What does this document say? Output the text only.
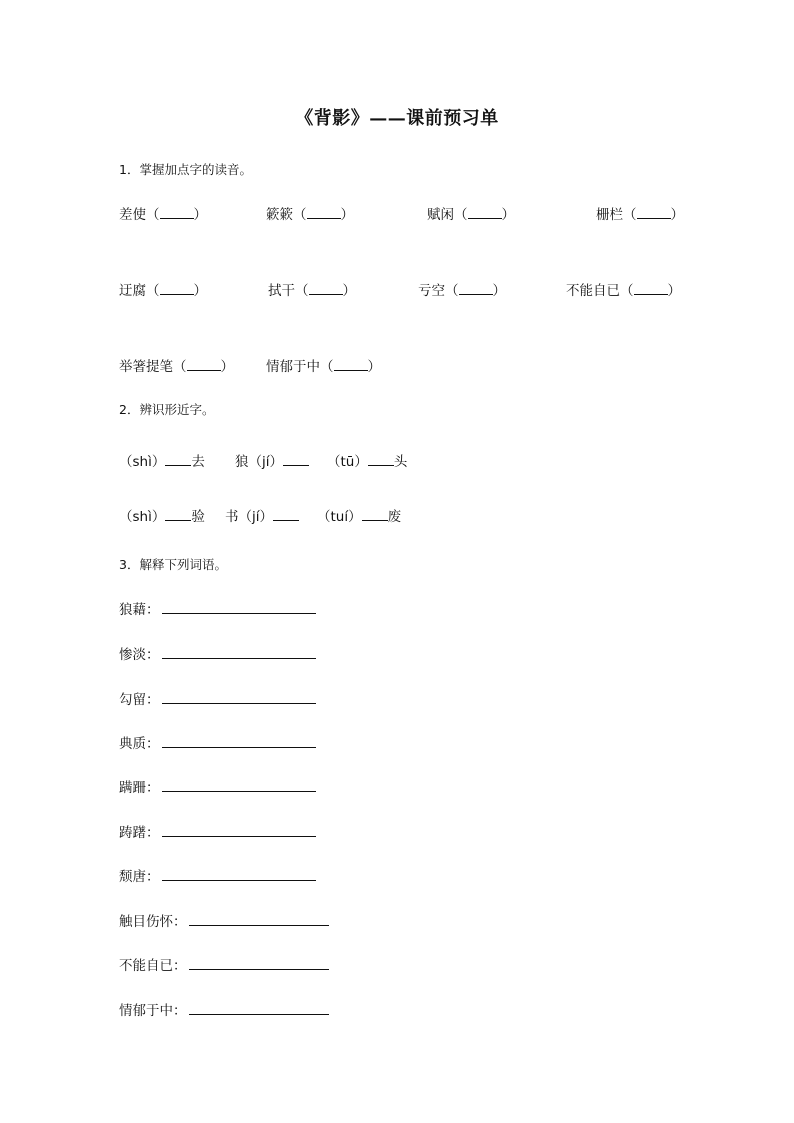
《背影》——课前预习单
1．掌握加点字的读音。
差使（	）	簌簌（	）	赋闲（	）	栅栏（	）
迂腐（	）	拭干（	）	亏空（	）	不能自已（	）
举箸提笔（	） 情郁于中（	）
2．辨识形近字。
（shì） 去 狼（jí）	（tū） 头
（shì） 验 书（jí）	（tuí） 废
3．解释下列词语。
狼藉：
惨淡：
勾留：
典质：
蹒跚：
踌躇：
颓唐：
触目伤怀：
不能自已：
情郁于中：
